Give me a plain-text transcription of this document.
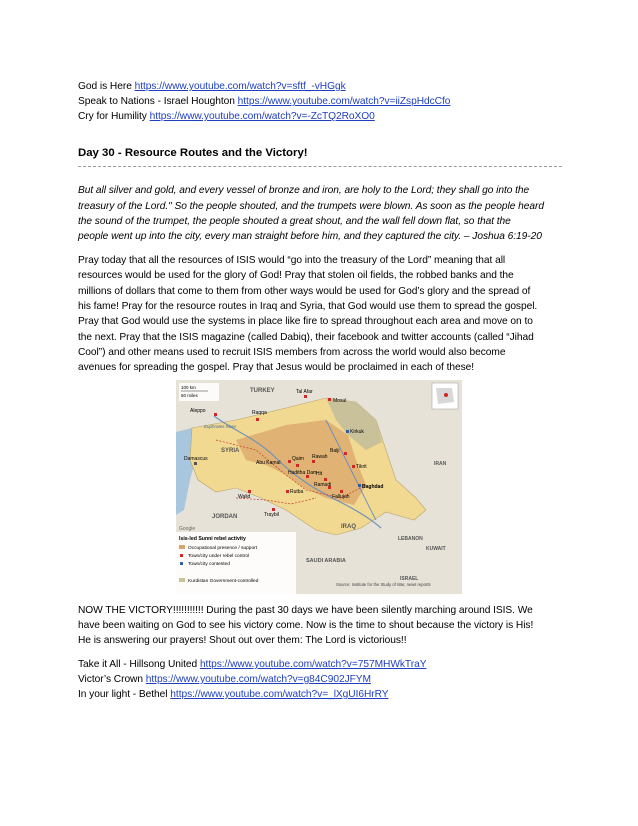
God is Here https://www.youtube.com/watch?v=sftf_-vHGgk
Speak to Nations - Israel Houghton https://www.youtube.com/watch?v=iiZspHdcCfo
Cry for Humility https://www.youtube.com/watch?v=-ZcTQ2RoXO0
Day 30 - Resource Routes and the Victory!
But all silver and gold, and every vessel of bronze and iron, are holy to the Lord; they shall go into the
treasury of the Lord." So the people shouted, and the trumpets were blown. As soon as the people heard
the sound of the trumpet, the people shouted a great shout, and the wall fell down flat, so that the
people went up into the city, every man straight before him, and they captured the city. – Joshua 6:19-20
Pray today that all the resources of ISIS would “go into the treasury of the Lord” meaning that all
resources would be used for the glory of God! Pray that stolen oil fields, the robbed banks and the
millions of dollars that come to them from other ways would be used for God’s glory and the spread of
his fame! Pray for the resource routes in Iraq and Syria, that God would use them to spread the gospel.
Pray that God would use the systems in place like fire to spread throughout each area and move on to
the next. Pray that the ISIS magazine (called Dabiq), their facebook and twitter accounts (called “Jihad
Cool”) and other means used to recruit ISIS members from across the world would also become
avenues for spreading the gospel. Pray that Jesus would be proclaimed in each of these!
100 km
50 miles
TURKEY
SYRIA
IRAQ
JORDAN
SAUDI ARABIA
LEBANON
ISRAEL
IRAN
KUWAIT
Aleppo	Raqqa
Tal Afar
Mosul
Kirkuk
Baiji
Tikrit
Abu Kamal
Qaim Rawah
Haditha Dam
Hit
Ramadi
Fallujah
Baghdad
Damascus
Walid
Rutba
Traybil
Euphrates River
Google
Isis-led Sunni rebel activity
Occupational presence / support
Town/city under rebel control
Town/city contested
Kurdistan Government-controlled
Source: Institute for the Study of War, news reports
NOW THE VICTORY!!!!!!!!!!! During the past 30 days we have been silently marching around ISIS. We
have been waiting on God to see his victory come. Now is the time to shout because the victory is His!
He is answering our prayers! Shout out over them: The Lord is victorious!!
Take it All - Hillsong United https://www.youtube.com/watch?v=757MHWkTraY
Victor’s Crown https://www.youtube.com/watch?v=g84C902JFYM
In your light - Bethel https://www.youtube.com/watch?v=_lXgUI6HrRY
